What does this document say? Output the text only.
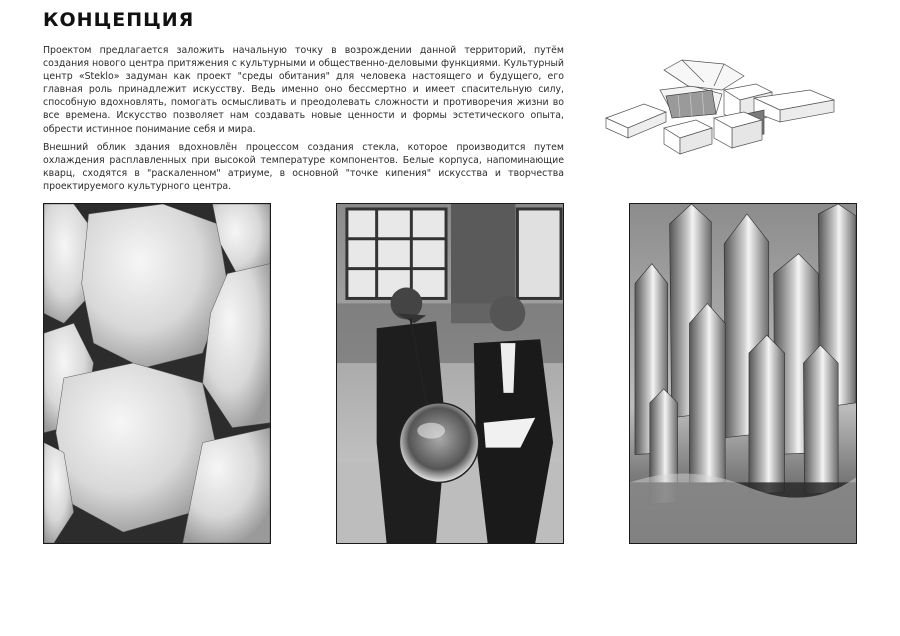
КОНЦЕПЦИЯ

Проектом предлагается заложить начальную точку в возрождении данной территорий, путём создания нового центра притяжения с культурными и общественно-деловыми функциями. Культурный центр «Steklo» задуман как проект "среды обитания" для человека настоящего и будущего, его главная роль принадлежит искусству. Ведь именно оно бессмертно и имеет спасительную силу, способную вдохновлять, помогать осмысливать и преодолевать сложности и противоречия жизни во все времена. Искусство позволяет нам создавать новые ценности и формы эстетического опыта, обрести истинное понимание себя и мира.

Внешний облик здания вдохновлён процессом создания стекла, которое производится путем охлаждения расплавленных при высокой температуре компонентов. Белые корпуса, напоминающие кварц, сходятся в "раскаленном" атриуме, в основной "точке кипения" искусства и творчества проектируемого культурного центра.
